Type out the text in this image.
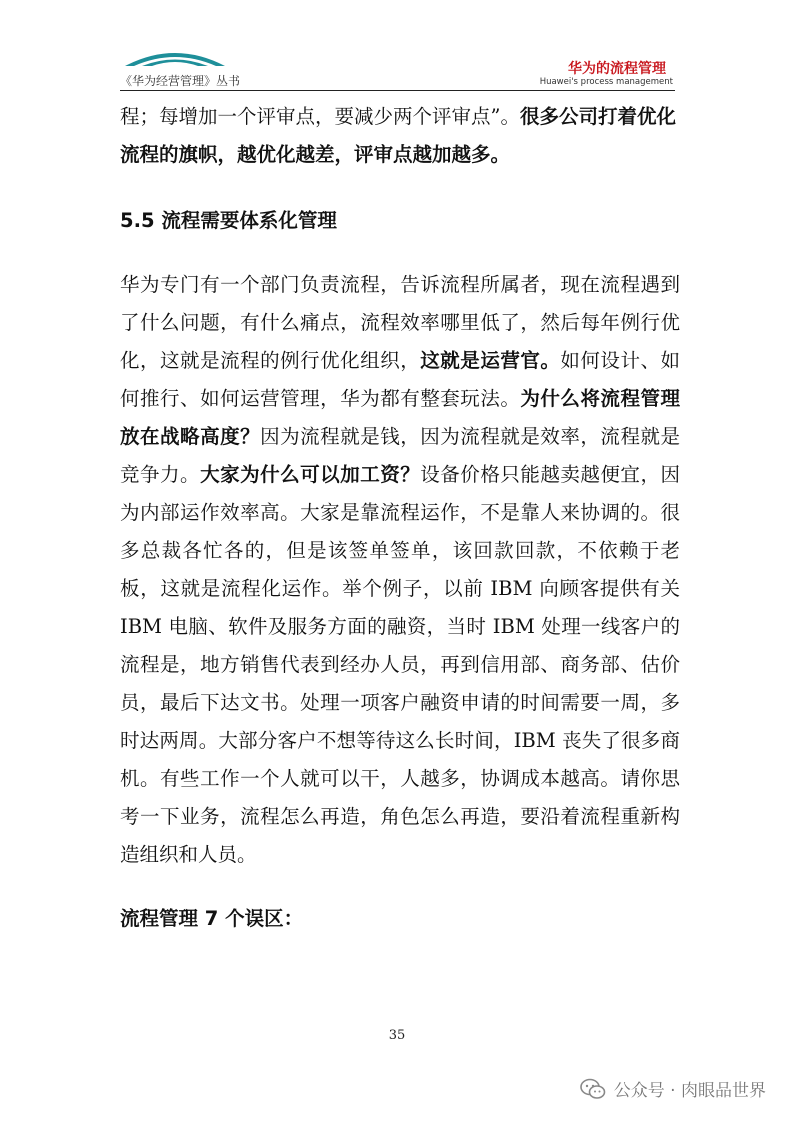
《华为经营管理》丛书
华为的流程管理
Huawei's process management

程；每增加一个评审点，要减少两个评审点”。很多公司打着优化流程的旗帜，越优化越差，评审点越加越多。

5.5 流程需要体系化管理

华为专门有一个部门负责流程，告诉流程所属者，现在流程遇到了什么问题，有什么痛点，流程效率哪里低了，然后每年例行优化，这就是流程的例行优化组织，这就是运营官。如何设计、如何推行、如何运营管理，华为都有整套玩法。为什么将流程管理放在战略高度？因为流程就是钱，因为流程就是效率，流程就是竞争力。大家为什么可以加工资？设备价格只能越卖越便宜，因为内部运作效率高。大家是靠流程运作，不是靠人来协调的。很多总裁各忙各的，但是该签单签单，该回款回款，不依赖于老板，这就是流程化运作。举个例子，以前 IBM 向顾客提供有关 IBM 电脑、软件及服务方面的融资，当时 IBM 处理一线客户的流程是，地方销售代表到经办人员，再到信用部、商务部、估价员，最后下达文书。处理一项客户融资申请的时间需要一周，多时达两周。大部分客户不想等待这么长时间，IBM 丧失了很多商机。有些工作一个人就可以干，人越多，协调成本越高。请你思考一下业务，流程怎么再造，角色怎么再造，要沿着流程重新构造组织和人员。

流程管理 7 个误区：

35
公众号 · 肉眼品世界
